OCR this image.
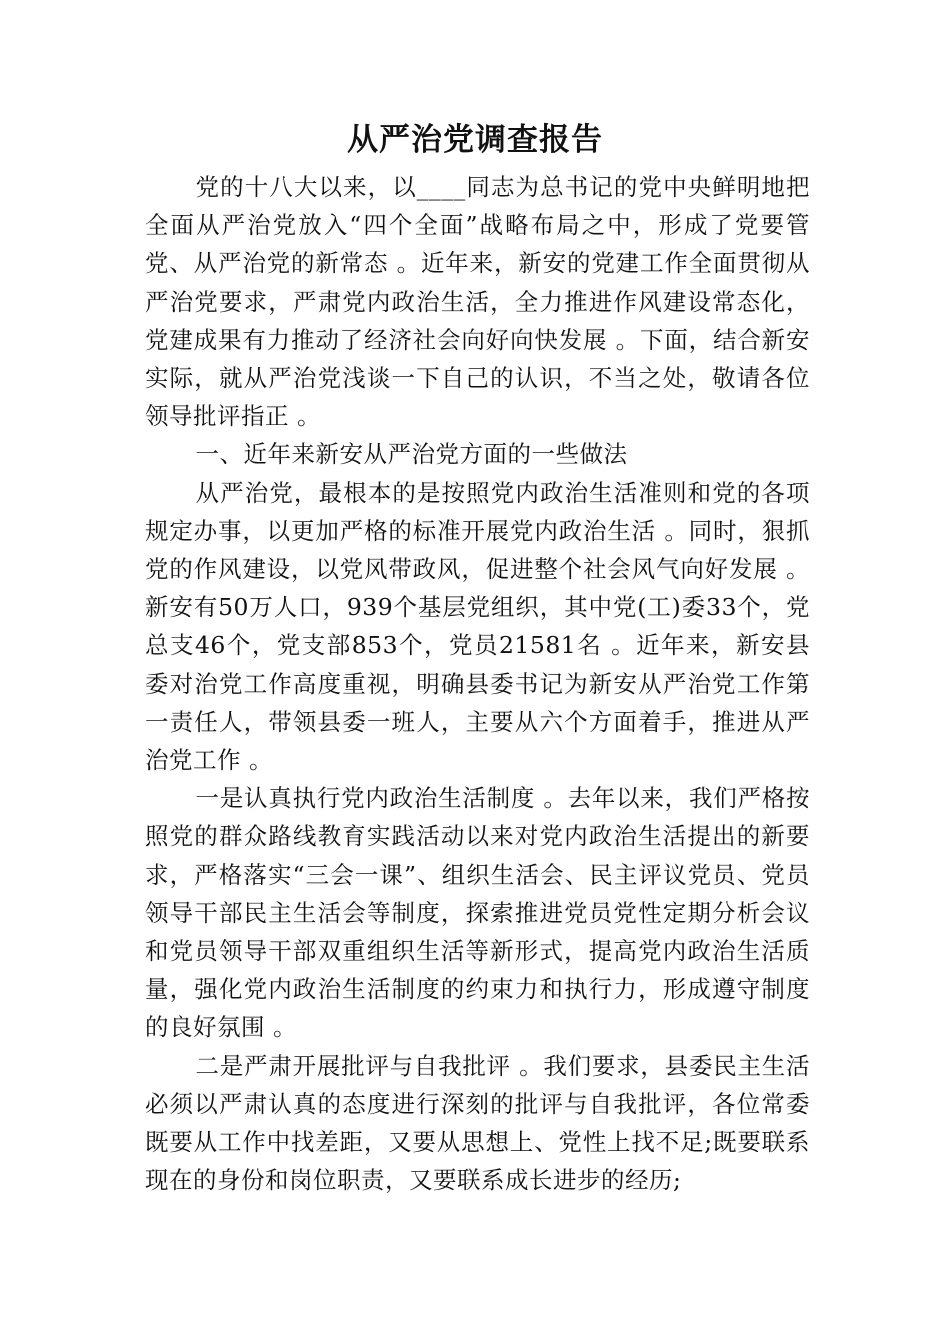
从严治党调查报告

党的十八大以来，以____同志为总书记的党中央鲜明地把全面从严治党放入“四个全面”战略布局之中，形成了党要管党、从严治党的新常态 。近年来，新安的党建工作全面贯彻从严治党要求，严肃党内政治生活，全力推进作风建设常态化，党建成果有力推动了经济社会向好向快发展 。下面，结合新安实际，就从严治党浅谈一下自己的认识，不当之处，敬请各位领导批评指正 。

一、近年来新安从严治党方面的一些做法

从严治党，最根本的是按照党内政治生活准则和党的各项规定办事，以更加严格的标准开展党内政治生活 。同时，狠抓党的作风建设，以党风带政风，促进整个社会风气向好发展 。新安有50万人口，939个基层党组织，其中党(工)委33个，党总支46个，党支部853个，党员21581名 。近年来，新安县委对治党工作高度重视，明确县委书记为新安从严治党工作第一责任人，带领县委一班人，主要从六个方面着手，推进从严治党工作 。

一是认真执行党内政治生活制度 。去年以来，我们严格按照党的群众路线教育实践活动以来对党内政治生活提出的新要求，严格落实“三会一课”、组织生活会、民主评议党员、党员领导干部民主生活会等制度，探索推进党员党性定期分析会议和党员领导干部双重组织生活等新形式，提高党内政治生活质量，强化党内政治生活制度的约束力和执行力，形成遵守制度的良好氛围 。

二是严肃开展批评与自我批评 。我们要求，县委民主生活必须以严肃认真的态度进行深刻的批评与自我批评，各位常委既要从工作中找差距，又要从思想上、党性上找不足;既要联系现在的身份和岗位职责，又要联系成长进步的经历;
